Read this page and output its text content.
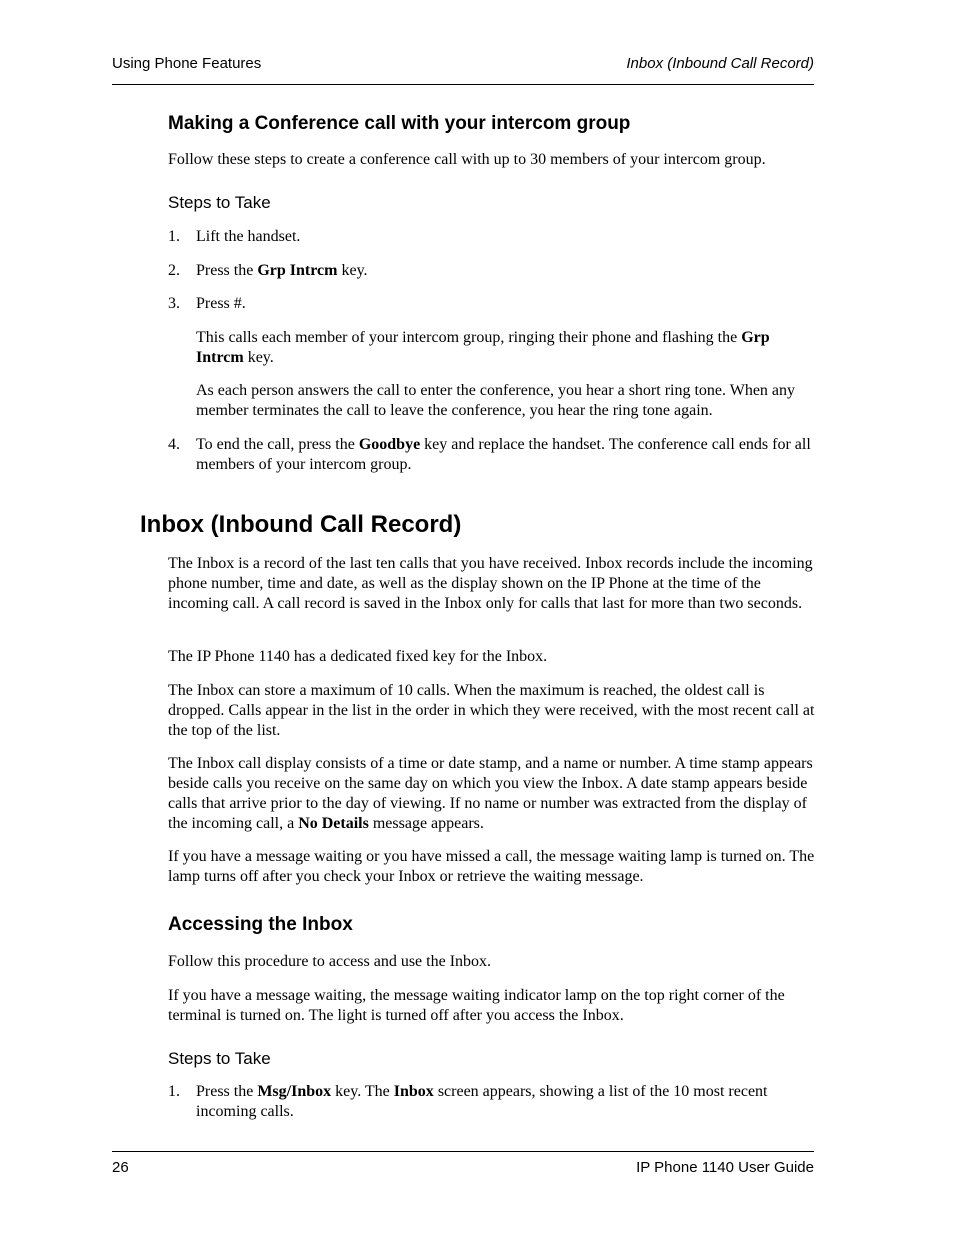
Using Phone Features	Inbox (Inbound Call Record)
Making a Conference call with your intercom group
Follow these steps to create a conference call with up to 30 members of your intercom group.
Steps to Take
1. Lift the handset.
2. Press the Grp Intrcm key.
3. Press #.
This calls each member of your intercom group, ringing their phone and flashing the Grp Intrcm key.
As each person answers the call to enter the conference, you hear a short ring tone. When any member terminates the call to leave the conference, you hear the ring tone again.
4. To end the call, press the Goodbye key and replace the handset. The conference call ends for all members of your intercom group.
Inbox (Inbound Call Record)
The Inbox is a record of the last ten calls that you have received. Inbox records include the incoming phone number, time and date, as well as the display shown on the IP Phone at the time of the incoming call. A call record is saved in the Inbox only for calls that last for more than two seconds.
The IP Phone 1140 has a dedicated fixed key for the Inbox.
The Inbox can store a maximum of 10 calls. When the maximum is reached, the oldest call is dropped. Calls appear in the list in the order in which they were received, with the most recent call at the top of the list.
The Inbox call display consists of a time or date stamp, and a name or number. A time stamp appears beside calls you receive on the same day on which you view the Inbox. A date stamp appears beside calls that arrive prior to the day of viewing. If no name or number was extracted from the display of the incoming call, a No Details message appears.
If you have a message waiting or you have missed a call, the message waiting lamp is turned on. The lamp turns off after you check your Inbox or retrieve the waiting message.
Accessing the Inbox
Follow this procedure to access and use the Inbox.
If you have a message waiting, the message waiting indicator lamp on the top right corner of the terminal is turned on. The light is turned off after you access the Inbox.
Steps to Take
1. Press the Msg/Inbox key. The Inbox screen appears, showing a list of the 10 most recent incoming calls.
26	IP Phone 1140 User Guide
